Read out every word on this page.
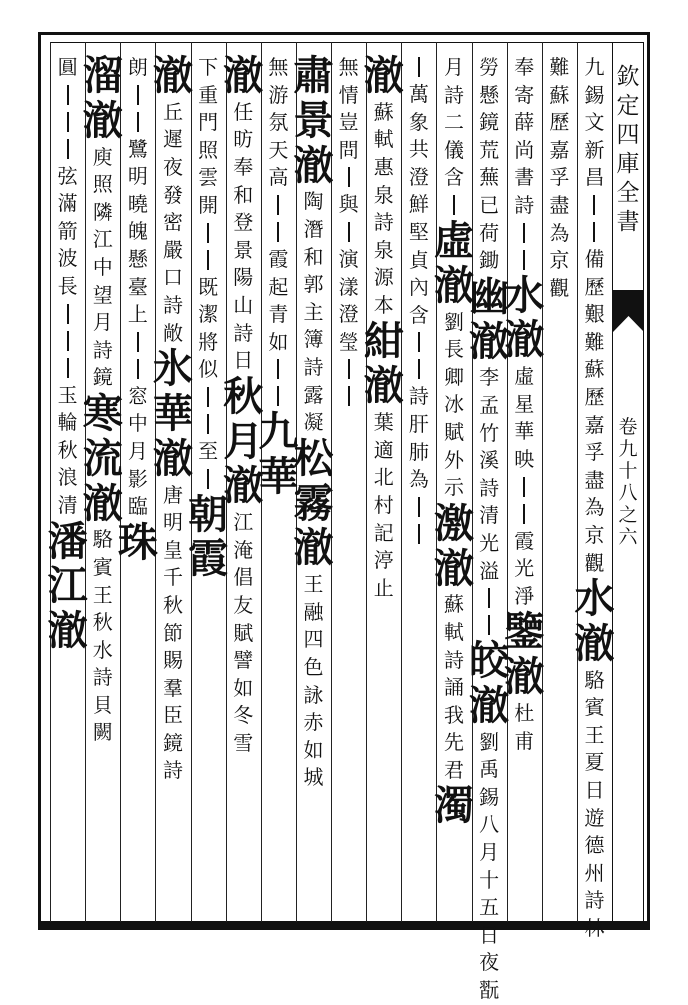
欽
定
四
庫
全
書
卷
九
十
八
之
六
九
錫
文
新
昌
備
歷
艱
難
蘇
歷
嘉
孚
盡
為
京
觀
水
澈
駱
賓
王
夏
日
遊
德
州
詩
林
難
蘇
歷
嘉
孚
盡
為
京
觀
奉
寄
薛
尚
書
詩
水
澈
虛
星
華
映
霞
光
淨
鑒
澈
杜
甫
勞
懸
鏡
荒
蕪
已
荷
鋤
幽
澈
李
孟
竹
溪
詩
清
光
溢
皎
澈
劉
禹
錫
八
月
十
五
日
夜
翫
月
詩
二
儀
含
虛
澈
劉
長
卿
冰
賦
外
示
激
澈
蘇
軾
詩
誦
我
先
君
濁
萬
象
共
澄
鮮
堅
貞
內
含
詩
肝
肺
為
澈
蘇
軾
惠
泉
詩
泉
源
本
紺
澈
葉
適
北
村
記
渟
止
無
情
豈
問
與
演
漾
澄
瑩
肅
景
澈
陶
潛
和
郭
主
簿
詩
露
凝
松
霧
澈
王
融
四
色
詠
赤
如
城
無
游
氛
天
高
霞
起
青
如
九
華
澈
任
昉
奉
和
登
景
陽
山
詩
日
秋
月
澈
江
淹
倡
友
賦
譬
如
冬
雪
下
重
門
照
雲
開
既
潔
將
似
至
朝
霞
澈
丘
遲
夜
發
密
嚴
口
詩
敞
氷
華
澈
唐
明
皇
千
秋
節
賜
羣
臣
鏡
詩
朗
鷺
明
曉
魄
懸
臺
上
窓
中
月
影
臨
珠
溜
澈
庾
照
隣
江
中
望
月
詩
鏡
寒
流
澈
駱
賓
王
秋
水
詩
貝
闕
圓
弦
滿
箭
波
長
玉
輪
秋
浪
清
潘
江
澈
